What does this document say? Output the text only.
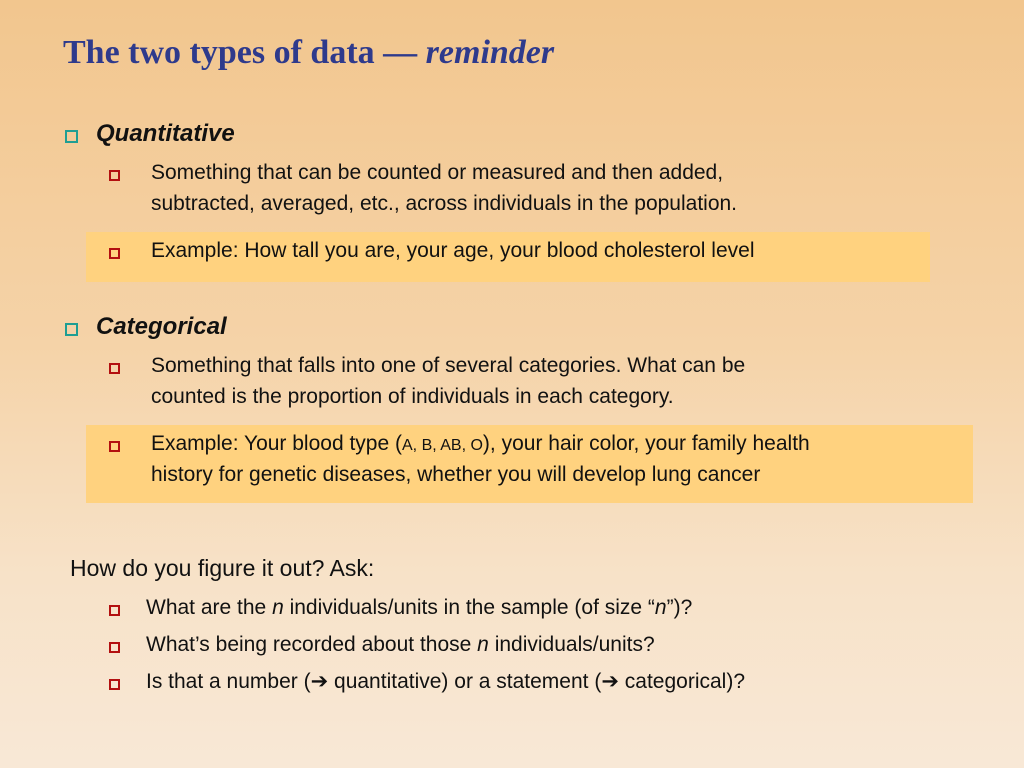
The two types of data — reminder
Quantitative
Something that can be counted or measured and then added,
subtracted, averaged, etc., across individuals in the population.
Example: How tall you are, your age, your blood cholesterol level
Categorical
Something that falls into one of several categories. What can be
counted is the proportion of individuals in each category.
Example: Your blood type (A, B, AB, O), your hair color, your family health
history for genetic diseases, whether you will develop lung cancer
How do you figure it out? Ask:
What are the n individuals/units in the sample (of size “n”)?
What’s being recorded about those n individuals/units?
Is that a number (➔ quantitative) or a statement (➔ categorical)?
